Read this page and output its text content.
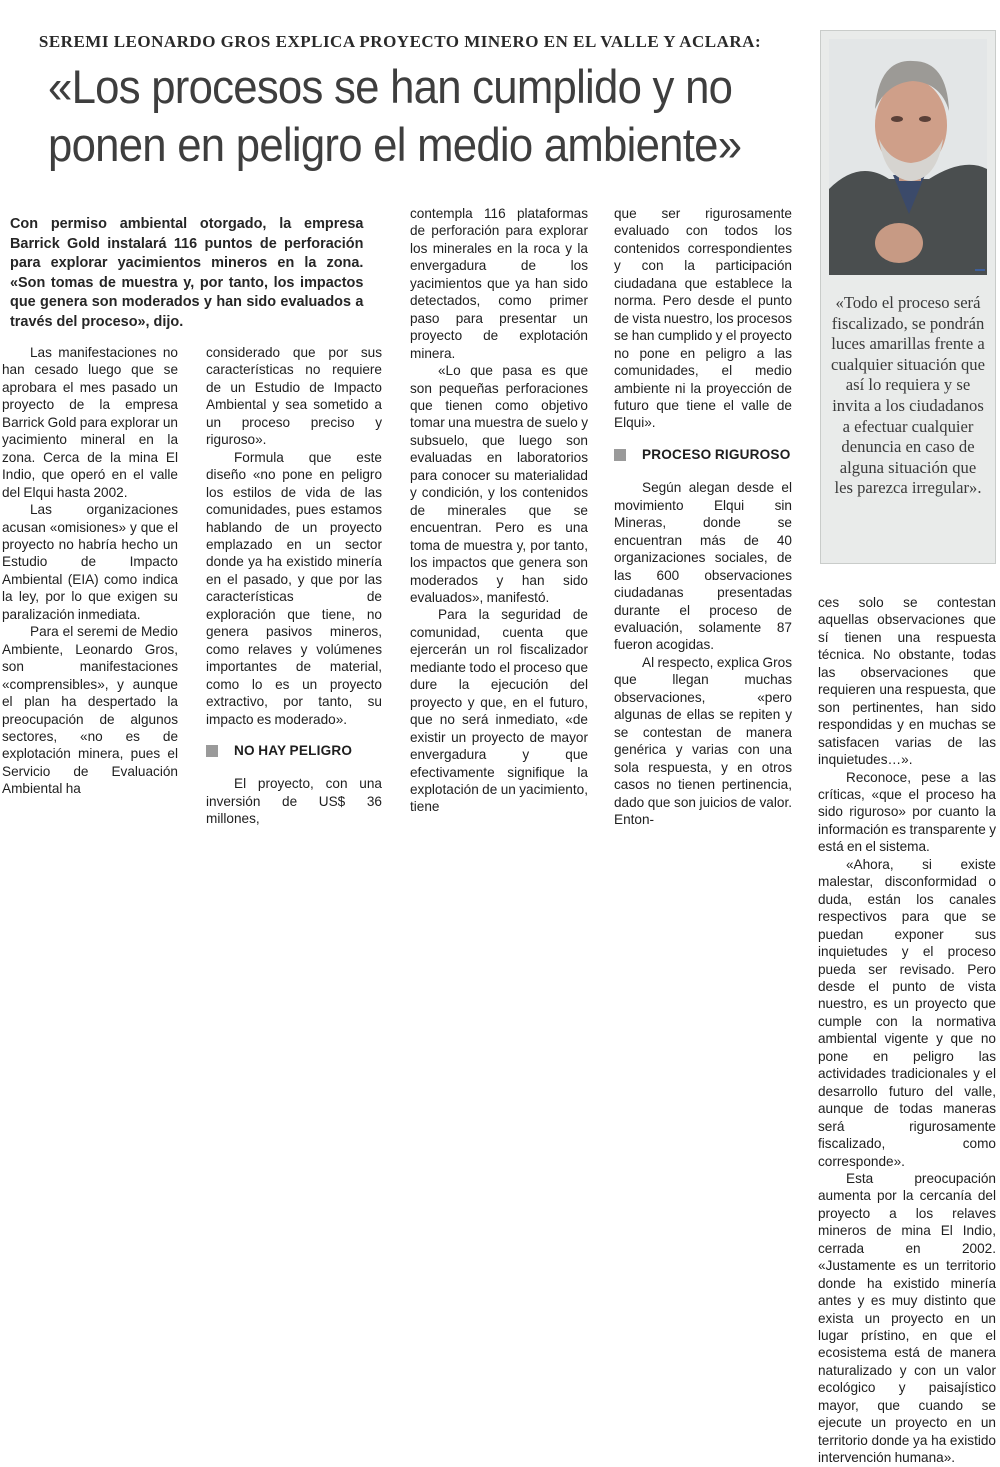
SEREMI LEONARDO GROS EXPLICA PROYECTO MINERO EN EL VALLE Y ACLARA:
«Los procesos se han cumplido y no
ponen en peligro el medio ambiente»
Con permiso ambiental otorgado, la empresa Barrick Gold instalará 116 puntos de perforación para explorar yacimientos mineros en la zona. «Son tomas de muestra y, por tanto, los impactos que genera son moderados y han sido evaluados a través del proceso», dijo.

Las manifestaciones no han cesado luego que se aprobara el mes pasado un proyecto de la empresa Barrick Gold para explorar un yacimiento mineral en la zona. Cerca de la mina El Indio, que operó en el valle del Elqui hasta 2002.

Las organizaciones acusan «omisiones» y que el proyecto no habría hecho un Estudio de Impacto Ambiental (EIA) como indica la ley, por lo que exigen su paralización inmediata.

Para el seremi de Medio Ambiente, Leonardo Gros, son manifestaciones «comprensibles», y aunque el plan ha despertado la preocupación de algunos sectores, «no es de explotación minera, pues el Servicio de Evaluación Ambiental ha

considerado que por sus características no requiere de un Estudio de Impacto Ambiental y sea sometido a un proceso preciso y riguroso».

Formula que este diseño «no pone en peligro los estilos de vida de las comunidades, pues estamos hablando de un proyecto emplazado en un sector donde ya ha existido minería en el pasado, y que por las características de exploración que tiene, no genera pasivos mineros, como relaves y volúmenes importantes de material, como lo es un proyecto extractivo, por tanto, su impacto es moderado».

NO HAY PELIGRO

El proyecto, con una inversión de US$ 36 millones,

contempla 116 plataformas de perforación para explorar los minerales en la roca y la envergadura de los yacimientos que ya han sido detectados, como primer paso para presentar un proyecto de explotación minera.

«Lo que pasa es que son pequeñas perforaciones que tienen como objetivo tomar una muestra de suelo y subsuelo, que luego son evaluadas en laboratorios para conocer su materialidad y condición, y los contenidos de minerales que se encuentran. Pero es una toma de muestra y, por tanto, los impactos que genera son moderados y han sido evaluados», manifestó.

Para la seguridad de comunidad, cuenta que ejercerán un rol fiscalizador mediante todo el proceso que dure la ejecución del proyecto y que, en el futuro, que no será inmediato, «de existir un proyecto de mayor envergadura y que efectivamente signifique la explotación de un yacimiento, tiene

que ser rigurosamente evaluado con todos los contenidos correspondientes y con la participación ciudadana que establece la norma. Pero desde el punto de vista nuestro, los procesos se han cumplido y el proyecto no pone en peligro a las comunidades, el medio ambiente ni la proyección de futuro que tiene el valle de Elqui».

PROCESO RIGUROSO

Según alegan desde el movimiento Elqui sin Mineras, donde se encuentran más de 40 organizaciones sociales, de las 600 observaciones ciudadanas presentadas durante el proceso de evaluación, solamente 87 fueron acogidas.

Al respecto, explica Gros que llegan muchas observaciones, «pero algunas de ellas se repiten y se contestan de manera genérica y varias con una sola respuesta, y en otros casos no tienen pertinencia, dado que son juicios de valor. Enton-

ces solo se contestan aquellas observaciones que sí tienen una respuesta técnica. No obstante, todas las observaciones que requieren una respuesta, que son pertinentes, han sido respondidas y en muchas se satisfacen varias de las inquietudes…».

Reconoce, pese a las críticas, «que el proceso ha sido riguroso» por cuanto la información es transparente y está en el sistema.

«Ahora, si existe malestar, disconformidad o duda, están los canales respectivos para que se puedan exponer sus inquietudes y el proceso pueda ser revisado. Pero desde el punto de vista nuestro, es un proyecto que cumple con la normativa ambiental vigente y que no pone en peligro las actividades tradicionales y el desarrollo futuro del valle, aunque de todas maneras será rigurosamente fiscalizado, como corresponde».

Esta preocupación aumenta por la cercanía del proyecto a los relaves mineros de mina El Indio, cerrada en 2002. «Justamente es un territorio donde ha existido minería antes y es muy distinto que exista un proyecto en un lugar prístino, en que el ecosistema está de manera naturalizado y con un valor ecológico y paisajístico mayor, que cuando se ejecute un proyecto en un territorio donde ya ha existido intervención humana».

«Todo el proceso será fiscalizado, se pondrán luces amarillas frente a cualquier situación que así lo requiera y se invita a los ciudadanos a efectuar cualquier denuncia en caso de alguna situación que les parezca irregular».
